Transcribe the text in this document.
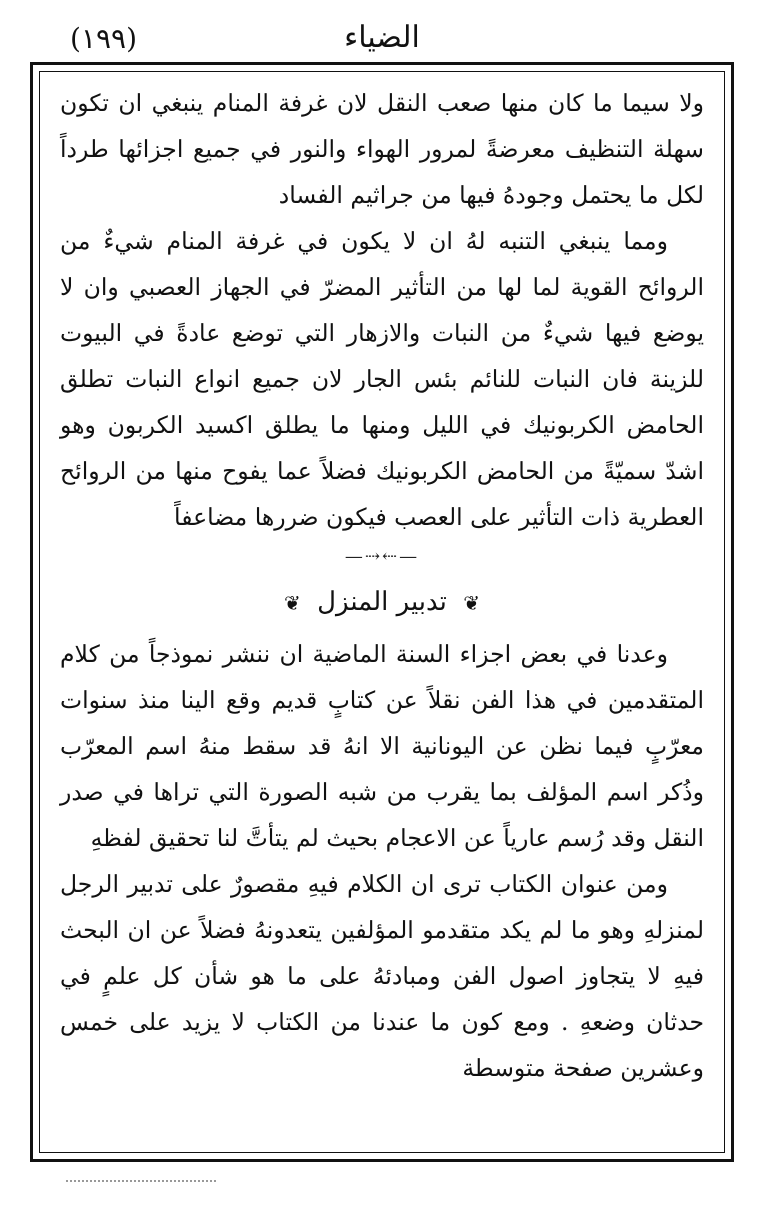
(١٩٩)	الضياء

ولا سيما ما كان منها صعب النقل لان غرفة المنام ينبغي ان تكون سهلة التنظيف معرضةً لمرور الهواء والنور في جميع اجزائها طرداً لكل ما يحتمل وجودهُ فيها من جراثيم الفساد

ومما ينبغي التنبه لهُ ان لا يكون في غرفة المنام شيءٌ من الروائح القوية لما لها من التأثير المضرّ في الجهاز العصبي وان لا يوضع فيها شيءٌ من النبات والازهار التي توضع عادةً في البيوت للزينة فان النبات للنائم بئس الجار لان جميع انواع النبات تطلق الحامض الكربونيك في الليل ومنها ما يطلق اكسيد الكربون وهو اشدّ سميّةً من الحامض الكربونيك فضلاً عما يفوح منها من الروائح العطرية ذات التأثير على العصب فيكون ضررها مضاعفاً

—⇢⇠—
❦ تدبير المنزل ❦

وعدنا في بعض اجزاء السنة الماضية ان ننشر نموذجاً من كلام المتقدمين في هذا الفن نقلاً عن كتابٍ قديم وقع الينا منذ سنوات معرّبٍ فيما نظن عن اليونانية الا انهُ قد سقط منهُ اسم المعرّب وذُكر اسم المؤلف بما يقرب من شبه الصورة التي تراها في صدر النقل وقد رُسم عارياً عن الاعجام بحيث لم يتأتَّ لنا تحقيق لفظهِ

ومن عنوان الكتاب ترى ان الكلام فيهِ مقصورٌ على تدبير الرجل لمنزلهِ وهو ما لم يكد متقدمو المؤلفين يتعدونهُ فضلاً عن ان البحث فيهِ لا يتجاوز اصول الفن ومبادئهُ على ما هو شأن كل علمٍ في حدثان وضعهِ . ومع كون ما عندنا من الكتاب لا يزيد على خمس وعشرين صفحة متوسطة
